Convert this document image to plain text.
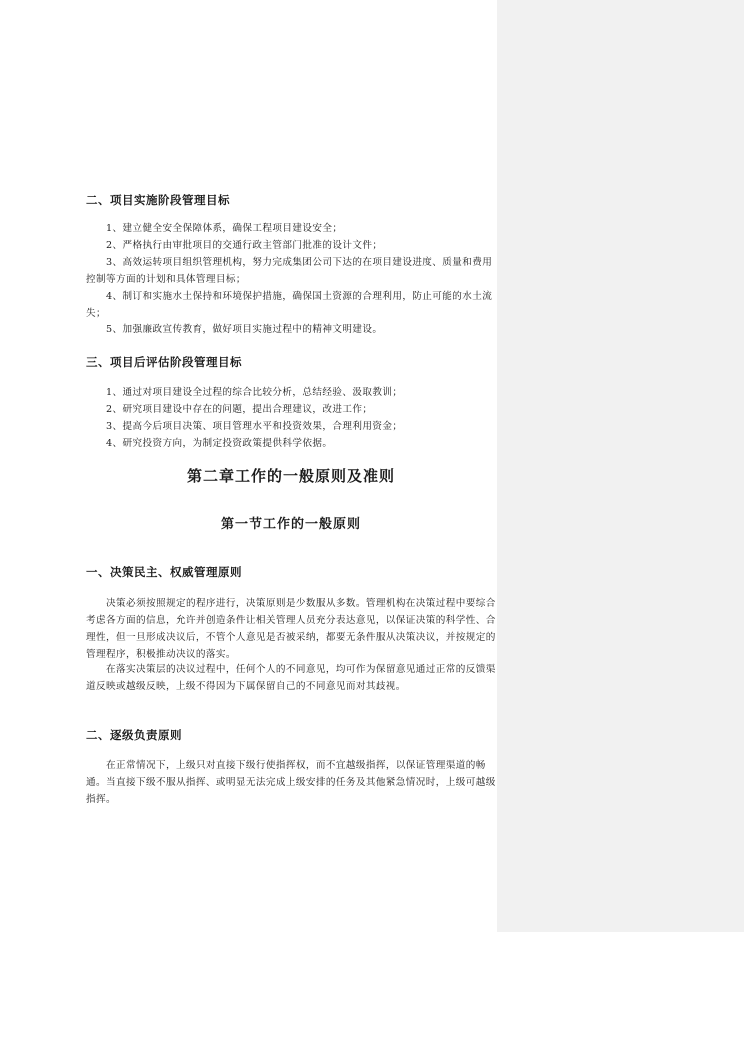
二、项目实施阶段管理目标

1、建立健全安全保障体系，确保工程项目建设安全；

2、严格执行由审批项目的交通行政主管部门批准的设计文件；

3、高效运转项目组织管理机构，努力完成集团公司下达的在项目建设进度、质量和费用控制等方面的计划和具体管理目标；

4、制订和实施水土保持和环境保护措施，确保国土资源的合理利用，防止可能的水土流失；

5、加强廉政宣传教育，做好项目实施过程中的精神文明建设。

三、项目后评估阶段管理目标

1、通过对项目建设全过程的综合比较分析，总结经验、汲取教训；

2、研究项目建设中存在的问题，提出合理建议，改进工作；

3、提高今后项目决策、项目管理水平和投资效果，合理利用资金；

4、研究投资方向，为制定投资政策提供科学依据。

第二章工作的一般原则及准则
第一节工作的一般原则
一、决策民主、权威管理原则

决策必须按照规定的程序进行，决策原则是少数服从多数。管理机构在决策过程中要综合考虑各方面的信息，允许并创造条件让相关管理人员充分表达意见，以保证决策的科学性、合理性，但一旦形成决议后，不管个人意见是否被采纳，都要无条件服从决策决议，并按规定的管理程序，积极推动决议的落实。

在落实决策层的决议过程中，任何个人的不同意见，均可作为保留意见通过正常的反馈渠道反映或越级反映，上级不得因为下属保留自己的不同意见而对其歧视。

二、逐级负责原则

在正常情况下，上级只对直接下级行使指挥权，而不宜越级指挥，以保证管理渠道的畅通。当直接下级不服从指挥、或明显无法完成上级安排的任务及其他紧急情况时，上级可越级指挥。
